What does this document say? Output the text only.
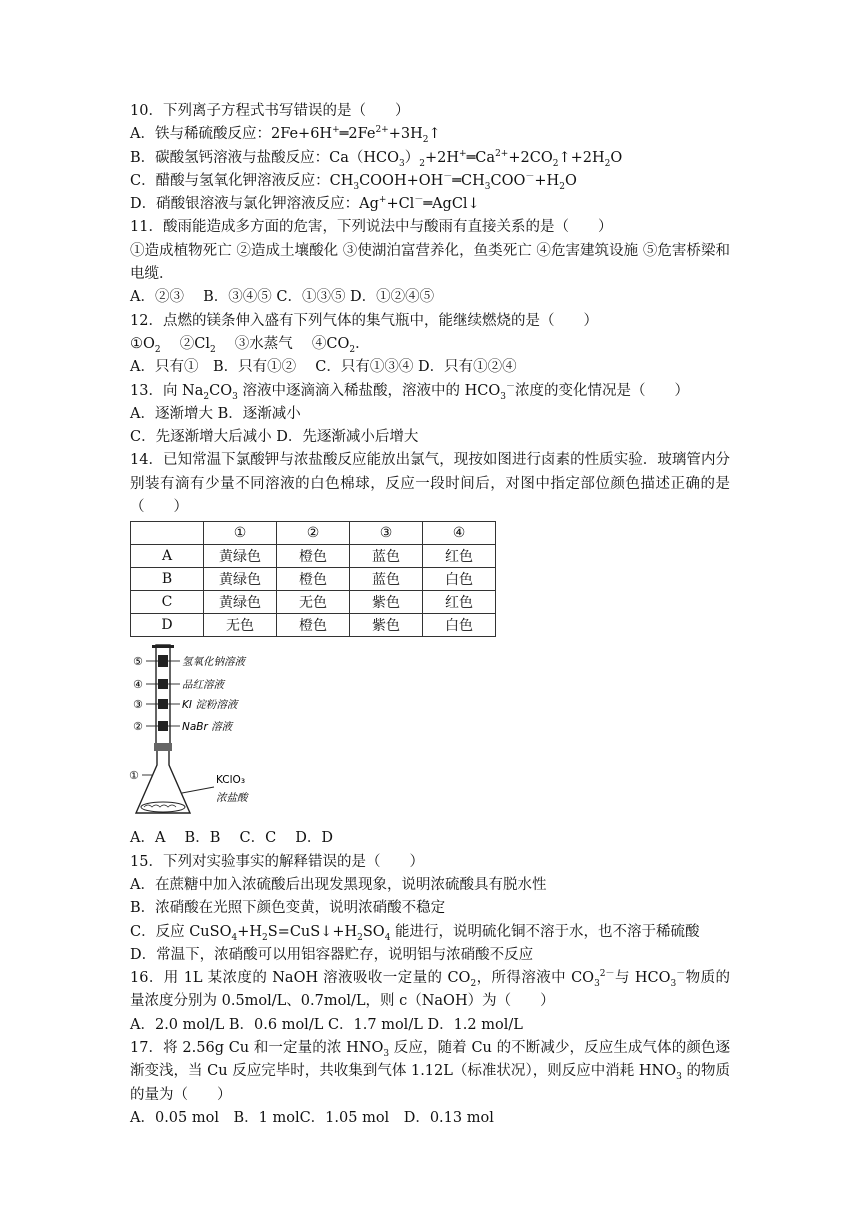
10．下列离子方程式书写错误的是（　　）
A．铁与稀硫酸反应：$2Fe+6H^+═2Fe^{2+}+3H_2↑$
B．碳酸氢钙溶液与盐酸反应：$Ca(HCO_3)_2+2H^+═Ca^{2+}+2CO_2↑+2H_2O$
C．醋酸与氢氧化钾溶液反应：$CH_3COOH+OH^-═CH_3COO^-+H_2O$
D．硝酸银溶液与氯化钾溶液反应：Ag++Cl－═AgCl↓
11．酸雨能造成多方面的危害，下列说法中与酸雨有直接关系的是（　　）
①造成植物死亡 ②造成土壤酸化 ③使湖泊富营养化，鱼类死亡 ④危害建筑设施 ⑤危害桥梁和电缆．
A．②③　 B．③④⑤ C．①③⑤ D．①②④⑤
12．点燃的镁条伸入盛有下列气体的集气瓶中，能继续燃烧的是（　　）
$①O_2$　 $②Cl_2$　 ③水蒸气　 $④CO_2$．
A．只有①　B．只有①②　 C．只有①③④ D．只有①②④
13．向 $Na_2CO_3$ 溶液中逐滴滴入稀盐酸，溶液中的 $HCO_3^-$浓度的变化情况是（　　）
A．逐渐增大 B．逐渐减小
C．先逐渐增大后减小 D．先逐渐减小后增大
14．已知常温下氯酸钾与浓盐酸反应能放出氯气，现按如图进行卤素的性质实验．玻璃管内分别装有滴有少量不同溶液的白色棉球，反应一段时间后，对图中指定部位颜色描述正确的是（　　）
	①	②	③	④
A	黄绿色	橙色	蓝色	红色
B	黄绿色	橙色	蓝色	白色
C	黄绿色	无色	紫色	红色
D	无色	橙色	紫色	白色
⑤
④
③
②
①
氢氧化钠溶液
品红溶液
KI 淀粉溶液
NaBr 溶液
KClO₃
浓盐酸
A．A　 B．B　 C．C　 D．D
15．下列对实验事实的解释错误的是（　　）
A．在蔗糖中加入浓硫酸后出现发黑现象，说明浓硫酸具有脱水性
B．浓硝酸在光照下颜色变黄，说明浓硝酸不稳定
C．反应 $CuSO_4+H_2S=CuS↓+H_2SO_4$ 能进行，说明硫化铜不溶于水，也不溶于稀硫酸
D．常温下，浓硝酸可以用铝容器贮存，说明铝与浓硝酸不反应
16．用 1L 某浓度的 NaOH 溶液吸收一定量的 $CO_2$，所得溶液中 $CO_3^{2-}$与 $HCO_3^-$物质的量浓度分别为 0.5mol/L、0.7mol/L，则 c（NaOH）为（　　）
A．2.0 mol/L B．0.6 mol/L C．1.7 mol/L D．1.2 mol/L
17．将 2.56g Cu 和一定量的浓 $HNO_3$ 反应，随着 Cu 的不断减少，反应生成气体的颜色逐渐变浅，当 Cu 反应完毕时，共收集到气体 1.12L（标准状况），则反应中消耗 $HNO_3$ 的物质的量为（　　）
A．0.05 mol　B．1 molC．1.05 mol　D．0.13 mol
